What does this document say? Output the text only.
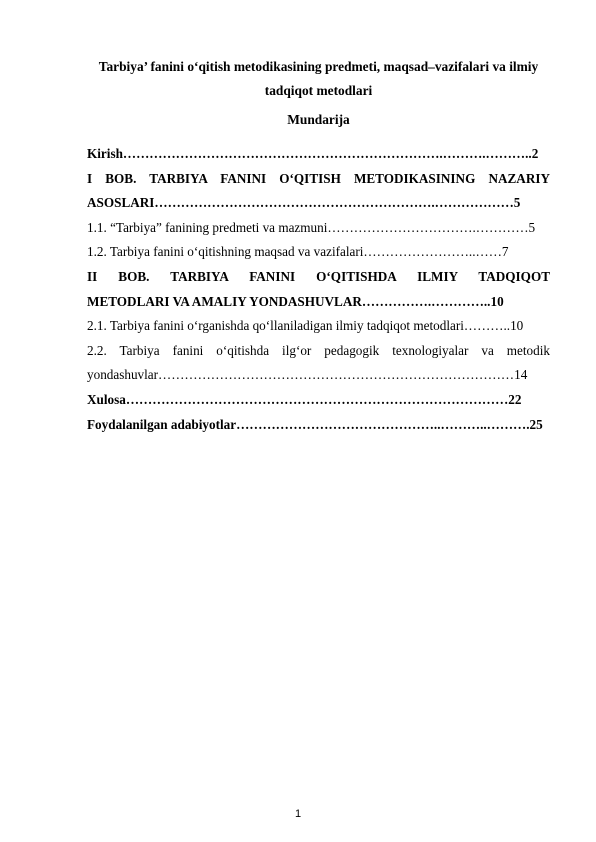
Tarbiya’ fanini o‘qitish metodikasining predmeti, maqsad–vazifalari va ilmiy
tadqiqot metodlari
Mundarija
Kirish……………………………………………………………….……….………..2
I BOB. TARBIYA FANINI O‘QITISH METODIKASINING NAZARIY
ASOSLARI……………………………………………………….………………5
1.1. “Tarbiya” fanining predmeti va mazmuni…………………………….…………5
1.2. Tarbiya fanini o‘qitishning maqsad va vazifalari……………………..……7
II BOB. TARBIYA FANINI O‘QITISHDA ILMIY TADQIQOT
METODLARI VA AMALIY YONDASHUVLAR…………….…………..10
2.1. Tarbiya fanini o‘rganishda qo‘llaniladigan ilmiy tadqiqot metodlari………..10
2.2. Tarbiya fanini o‘qitishda ilg‘or pedagogik texnologiyalar va metodik
yondashuvlar………………………………………………………………………14
Xulosa……………………………………………………………………………22
Foydalanilgan adabiyotlar………………………………………..………..……….25
1
